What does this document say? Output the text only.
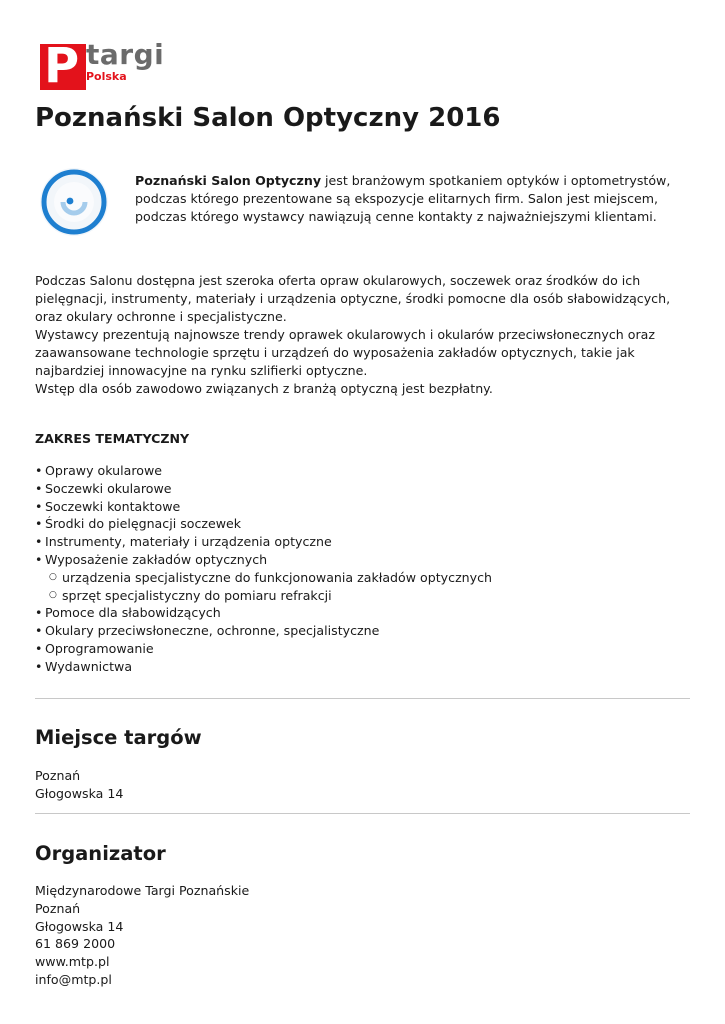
P targi
Polska
Poznański Salon Optyczny 2016

Poznański Salon Optyczny jest branżowym spotkaniem optyków i optometrystów, podczas którego prezentowane są ekspozycje elitarnych firm. Salon jest miejscem, podczas którego wystawcy nawiązują cenne kontakty z najważniejszymi klientami.

Podczas Salonu dostępna jest szeroka oferta opraw okularowych, soczewek oraz środków do ich pielęgnacji, instrumenty, materiały i urządzenia optyczne, środki pomocne dla osób słabowidzących, oraz okulary ochronne i specjalistyczne.

Wystawcy prezentują najnowsze trendy oprawek okularowych i okularów przeciwsłonecznych oraz zaawansowane technologie sprzętu i urządzeń do wyposażenia zakładów optycznych, takie jak najbardziej innowacyjne na rynku szlifierki optyczne.

Wstęp dla osób zawodowo związanych z branżą optyczną jest bezpłatny.

ZAKRES TEMATYCZNY
• Oprawy okularowe
• Soczewki okularowe
• Soczewki kontaktowe
• Środki do pielęgnacji soczewek
• Instrumenty, materiały i urządzenia optyczne
• Wyposażenie zakładów optycznych
○ urządzenia specjalistyczne do funkcjonowania zakładów optycznych
○ sprzęt specjalistyczny do pomiaru refrakcji
• Pomoce dla słabowidzących
• Okulary przeciwsłoneczne, ochronne, specjalistyczne
• Oprogramowanie
• Wydawnictwa
Miejsce targów
Poznań
Głogowska 14
Organizator
Międzynarodowe Targi Poznańskie
Poznań
Głogowska 14
61 869 2000
www.mtp.pl
info@mtp.pl
